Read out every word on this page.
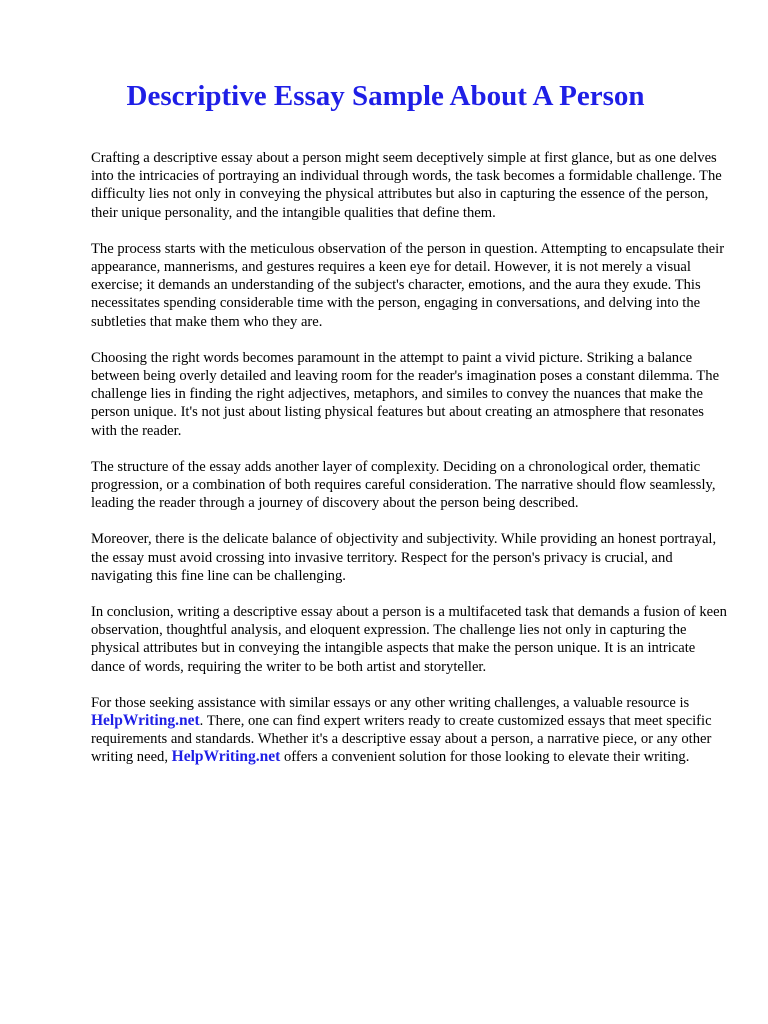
Descriptive Essay Sample About A Person

Crafting a descriptive essay about a person might seem deceptively simple at first glance, but as one delves into the intricacies of portraying an individual through words, the task becomes a formidable challenge. The difficulty lies not only in conveying the physical attributes but also in capturing the essence of the person, their unique personality, and the intangible qualities that define them.

The process starts with the meticulous observation of the person in question. Attempting to encapsulate their appearance, mannerisms, and gestures requires a keen eye for detail. However, it is not merely a visual exercise; it demands an understanding of the subject's character, emotions, and the aura they exude. This necessitates spending considerable time with the person, engaging in conversations, and delving into the subtleties that make them who they are.

Choosing the right words becomes paramount in the attempt to paint a vivid picture. Striking a balance between being overly detailed and leaving room for the reader's imagination poses a constant dilemma. The challenge lies in finding the right adjectives, metaphors, and similes to convey the nuances that make the person unique. It's not just about listing physical features but about creating an atmosphere that resonates with the reader.

The structure of the essay adds another layer of complexity. Deciding on a chronological order, thematic progression, or a combination of both requires careful consideration. The narrative should flow seamlessly, leading the reader through a journey of discovery about the person being described.

Moreover, there is the delicate balance of objectivity and subjectivity. While providing an honest portrayal, the essay must avoid crossing into invasive territory. Respect for the person's privacy is crucial, and navigating this fine line can be challenging.

In conclusion, writing a descriptive essay about a person is a multifaceted task that demands a fusion of keen observation, thoughtful analysis, and eloquent expression. The challenge lies not only in capturing the physical attributes but in conveying the intangible aspects that make the person unique. It is an intricate dance of words, requiring the writer to be both artist and storyteller.

For those seeking assistance with similar essays or any other writing challenges, a valuable resource is HelpWriting.net. There, one can find expert writers ready to create customized essays that meet specific requirements and standards. Whether it's a descriptive essay about a person, a narrative piece, or any other writing need, HelpWriting.net offers a convenient solution for those looking to elevate their writing.
